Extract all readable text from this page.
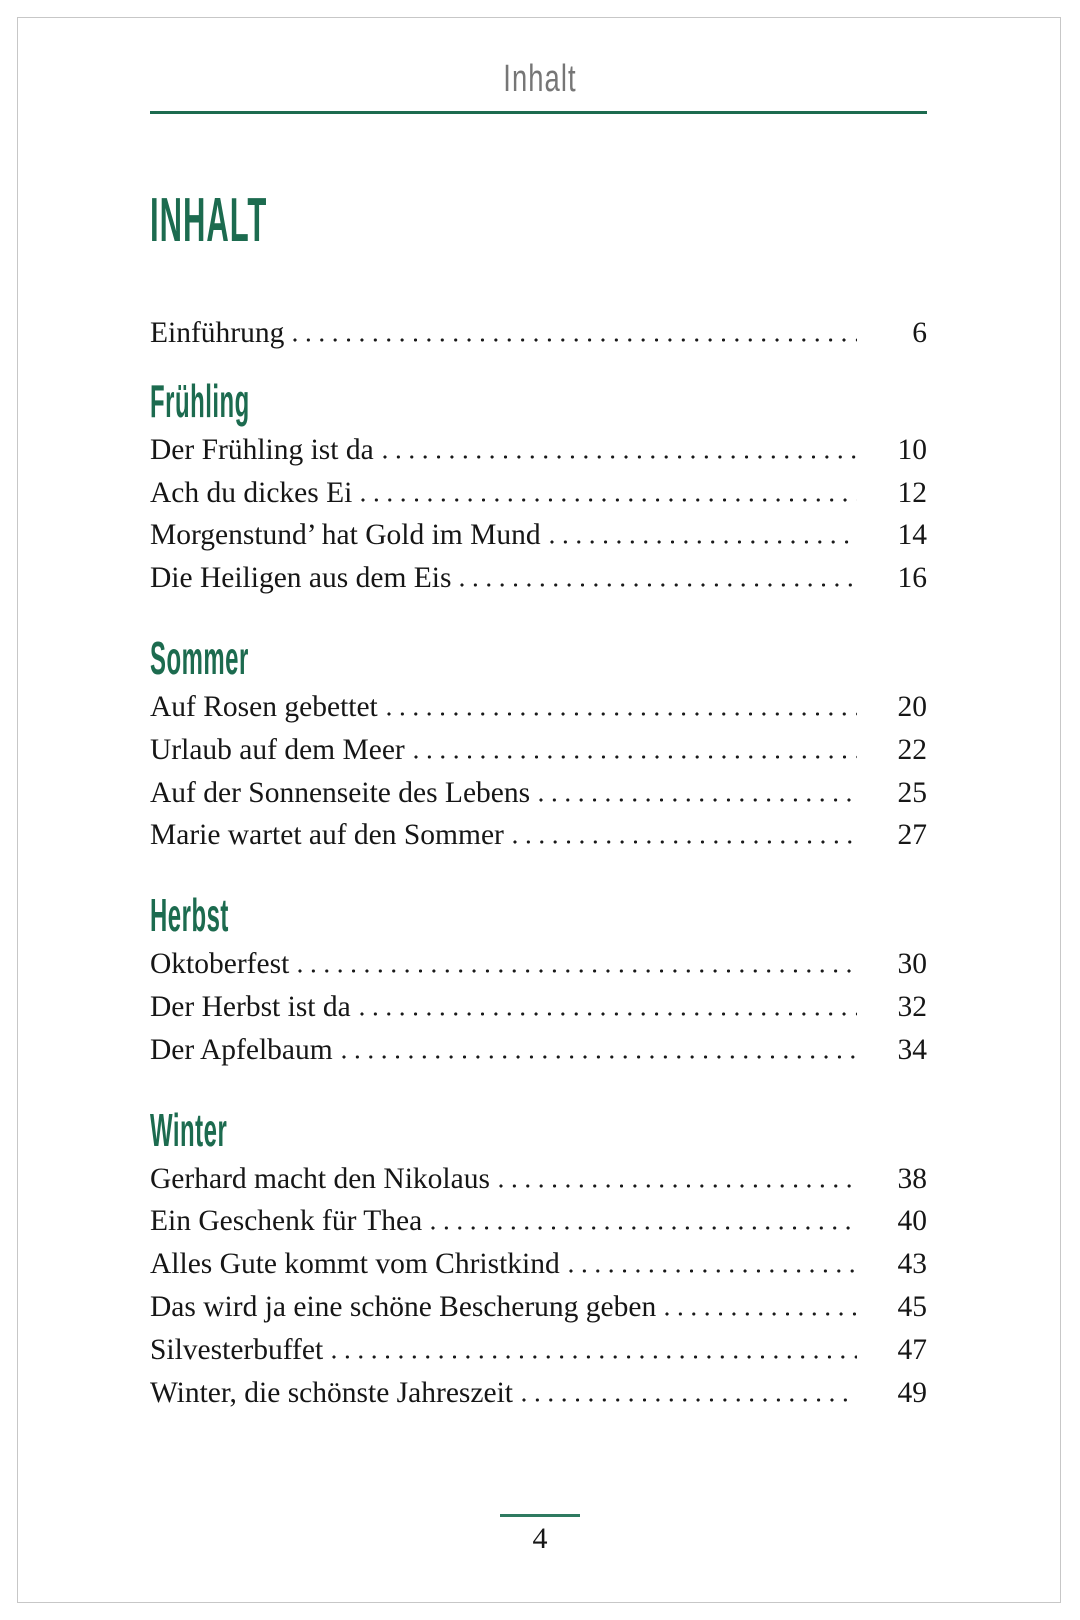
Inhalt
INHALT
Einführung	6
Frühling
Der Frühling ist da	10
Ach du dickes Ei	12
Morgenstund’ hat Gold im Mund	14
Die Heiligen aus dem Eis	16
Sommer
Auf Rosen gebettet	20
Urlaub auf dem Meer	22
Auf der Sonnenseite des Lebens	25
Marie wartet auf den Sommer	27
Herbst
Oktoberfest	30
Der Herbst ist da	32
Der Apfelbaum	34
Winter
Gerhard macht den Nikolaus	38
Ein Geschenk für Thea	40
Alles Gute kommt vom Christkind	43
Das wird ja eine schöne Bescherung geben	45
Silvesterbuffet	47
Winter, die schönste Jahreszeit	49
4
